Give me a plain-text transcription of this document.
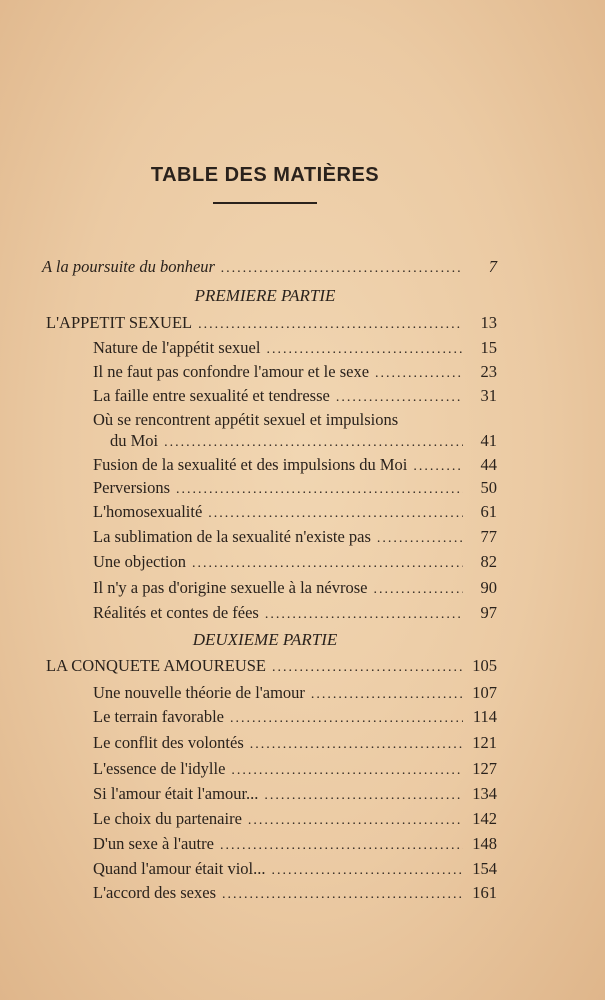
TABLE DES MATIÈRES
A la poursuite du bonheur .....	7
PREMIERE PARTIE
L'APPETIT SEXUEL .....	13
Nature de l'appétit sexuel .....	15
Il ne faut pas confondre l'amour et le sexe .....	23
La faille entre sexualité et tendresse .....	31
Où se rencontrent appétit sexuel et impulsions
du Moi .....	41
Fusion de la sexualité et des impulsions du Moi .....	44
Perversions .....	50
L'homosexualité .....	61
La sublimation de la sexualité n'existe pas .....	77
Une objection .....	82
Il n'y a pas d'origine sexuelle à la névrose .....	90
Réalités et contes de fées .....	97
DEUXIEME PARTIE
LA CONQUETE AMOUREUSE .....	105
Une nouvelle théorie de l'amour .....	107
Le terrain favorable .....	114
Le conflit des volontés .....	121
L'essence de l'idylle .....	127
Si l'amour était l'amour... .....	134
Le choix du partenaire .....	142
D'un sexe à l'autre .....	148
Quand l'amour était viol... .....	154
L'accord des sexes .....	161
